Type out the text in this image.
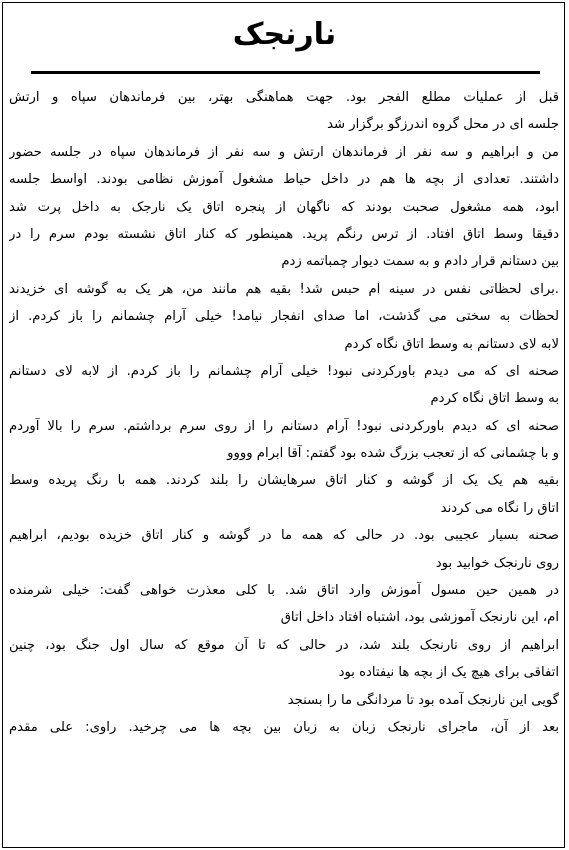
نارنجک
قبل از عملیات مطلع الفجر بود. جهت هماهنگی بهتر، بین فرماندهان سپاه و ارتش
جلسه ای در محل گروه اندرزگو برگزار شد
من و ابراهیم و سه نفر از فرماندهان ارتش و سه نفر از فرماندهان سپاه در جلسه حضور
داشتند. تعدادی از بچه ها هم در داخل حیاط مشغول آموزش نظامی بودند. اواسط جلسه
ابود، همه مشغول صحبت بودند که ناگهان از پنجره اتاق یک نارجک به داخل پرت شد
دقیقا وسط اتاق افتاد. از ترس رنگم پرید. همینطور که کنار اتاق نشسته بودم سرم را در
بین دستانم قرار دادم و به سمت دیوار چمباتمه زدم
.برای لحظاتی نفس در سینه ام حبس شد! بقیه هم مانند من، هر یک به گوشه ای خزیدند
لحظات به سختی می گذشت، اما صدای انفجار نیامد! خیلی آرام چشمانم را باز کردم. از
لابه لای دستانم به وسط اتاق نگاه کردم
صحنه ای که می دیدم باورکردنی نبود! خیلی آرام چشمانم را باز کردم. از لابه لای دستانم
به وسط اتاق نگاه کردم
صحنه ای که دیدم باورکردنی نبود! آرام دستانم را از روی سرم برداشتم. سرم را بالا آوردم
و با چشمانی که از تعجب بزرگ شده بود گفتم: آقا ابرام وووو
بقیه هم یک یک از گوشه و کنار اتاق سرهایشان را بلند کردند. همه با رنگ پریده وسط
اتاق را نگاه می کردند
صحنه بسیار عجیبی بود. در حالی که همه ما در گوشه و کنار اتاق خزیده بودیم، ابراهیم
روی نارنجک خوابید بود
در همین حین مسول آموزش وارد اتاق شد. با کلی معذرت خواهی گفت: خیلی شرمنده
ام، این نارنجک آموزشی بود، اشتباه افتاد داخل اتاق
ابراهیم از روی نارنجک بلند شد، در حالی که تا آن موقع که سال اول جنگ بود، چنین
اتفاقی برای هیچ یک از بچه ها نیفتاده بود
گویی این نارنجک آمده بود تا مردانگی ما را بسنجد
بعد از آن، ماجرای نارنجک زبان به زبان بین بچه ها می چرخید. راوی: علی مقدم
